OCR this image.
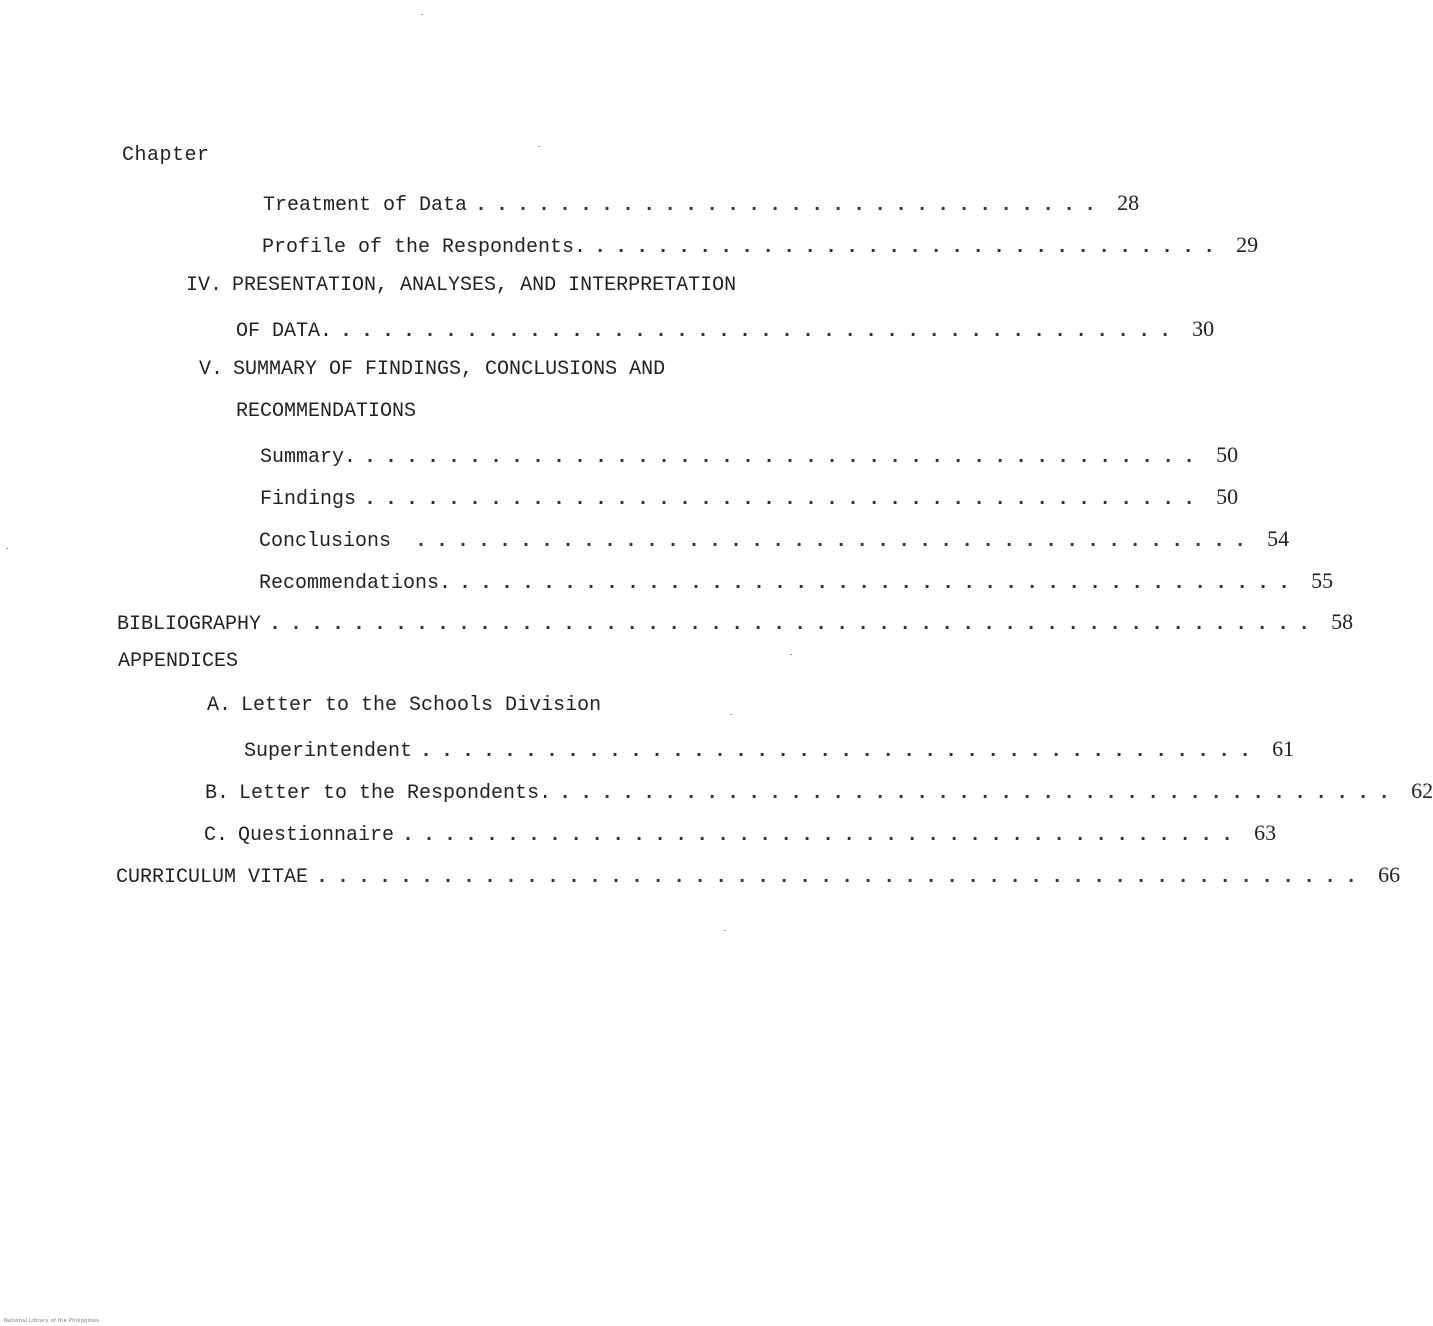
Chapter
Treatment of Data .............................. 28
Profile of the Respondents. .............................. 29
IV. PRESENTATION, ANALYSES, AND INTERPRETATION
OF DATA. ........................................ 30
V. SUMMARY OF FINDINGS, CONCLUSIONS AND
RECOMMENDATIONS
Summary. ........................................ 50
Findings ........................................ 50
Conclusions ........................................ 54
Recommendations. ........................................ 55
BIBLIOGRAPHY .................................................. 58
APPENDICES
A. Letter to the Schools Division
Superintendent ........................................ 61
B. Letter to the Respondents. ........................................ 62
C. Questionnaire ........................................ 63
CURRICULUM VITAE .................................................. 66
National Library of the Philippines
